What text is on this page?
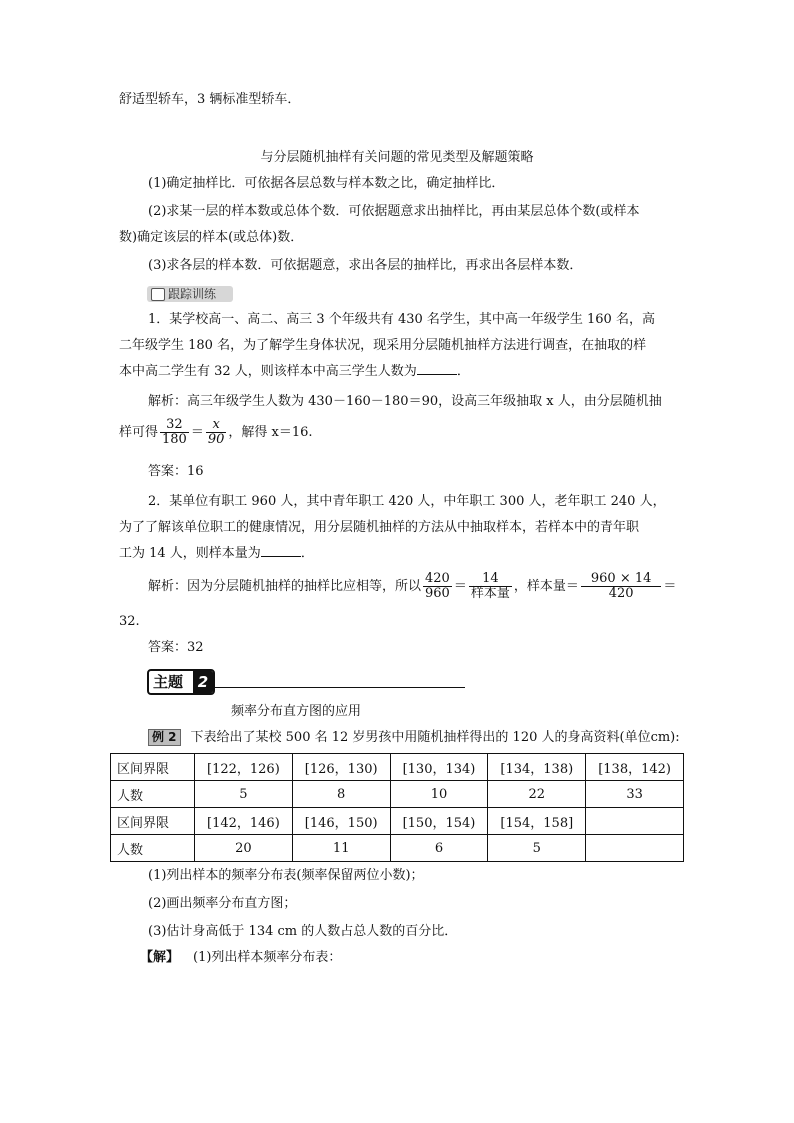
舒适型轿车，3 辆标准型轿车．
与分层随机抽样有关问题的常见类型及解题策略
(1)确定抽样比．可依据各层总数与样本数之比，确定抽样比．
(2)求某一层的样本数或总体个数．可依据题意求出抽样比，再由某层总体个数(或样本
数)确定该层的样本(或总体)数．
(3)求各层的样本数．可依据题意，求出各层的抽样比，再求出各层样本数．
跟踪训练
1．某学校高一、高二、高三 3 个年级共有 430 名学生，其中高一年级学生 160 名，高
二年级学生 180 名，为了解学生身体状况，现采用分层随机抽样方法进行调查，在抽取的样
本中高二学生有 32 人，则该样本中高三学生人数为	．
解析：高三年级学生人数为 430－160－180＝90，设高三年级抽取 x 人，由分层随机抽
样可得 $\frac{32}{180} = \frac{x}{90}$ ，解得 x＝16.
答案：16
2．某单位有职工 960 人，其中青年职工 420 人，中年职工 300 人，老年职工 240 人，
为了了解该单位职工的健康情况，用分层随机抽样的方法从中抽取样本，若样本中的青年职
工为 14 人，则样本量为	．
解析：因为分层随机抽样的抽样比应相等，所以 $\frac{420}{960} = \frac{14}{\text{样本量}}$ ，样本量＝ $\frac{960 \times 14}{420}$ ＝
32.
答案：32
主题 2
频率分布直方图的应用
例 2 下表给出了某校 500 名 12 岁男孩中用随机抽样得出的 120 人的身高资料(单位cm):
区间界限	[122，126)	[126，130)	[130，134)	[134，138)	[138，142)
人数	5	8	10	22	33
区间界限	[142，146)	[146，150)	[150，154)	[154，158]	
人数	20	11	6	5	
(1)列出样本的频率分布表(频率保留两位小数)；
(2)画出频率分布直方图；
(3)估计身高低于 134 cm 的人数占总人数的百分比．
【解】 (1)列出样本频率分布表：
